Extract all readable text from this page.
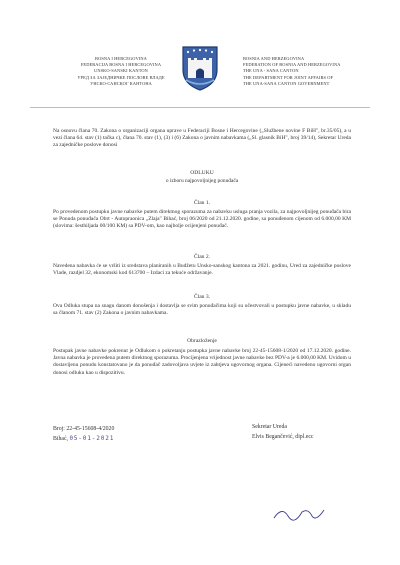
BOSNA I HERCEGOVINA
FEDERACIJA BOSNA I HERCEGOVINA
UNSKO-SANSKI KANTON
УРЕД ЗА ЗАЈЕДНИЧКЕ ПОСЛОВЕ ВЛАДЕ
УНСКО-САНСКОГ КАНТОНА
BOSNIA AND HERZEGOVINA
FEDERATION OF BOSNIA AND HERZEGOVINA
THE UNA - SANA CANTON
THE DEPARTMENT FOR JOINT AFFAIRS OF
THE UNA-SANA CANTON GOVERNMENT

Na osnovu člana 70. Zakona o organizaciji organa uprave u Federaciji Bosne i Hercegovine („Službene novine F BiH", br.35/05), a u vezi člana 64. stav (1) tačka c), člana 70. stav (1), (3) i (6) Zakona o javnim nabavkama („Sl. glasnik BiH", broj 39/14), Sekretar Ureda za zajedničke poslove donosi

ODLUKU
o izboru najpovoljnijeg ponuđača
Član 1.

Po provedenom postupku javne nabavke putem direktnog sporazuma za nabavku usluga pranja vozila, za najpovoljnijeg ponuđača bira se Ponuda ponuđača Obrt - Autopraonica „Zlaja" Bihać, broj 06/2020 od 21.12.2020. godine, sa ponuđenom cijenom od 6.000,00 KM (slovima: šesthiljada 00/100 KM) sa PDV-om, kao najbolje ocijenjeni ponuđač.

Član 2.

Navedena nabavka će se vršiti iz sredstava planiranih u Budžetu Unsko-sanskog kantona za 2021. godinu, Ured za zajedničke poslove Vlade, razdjel 32, ekonomski kod 613700 – Izdaci za tekuće održavanje.

Član 3.

Ova Odluka stupa na snagu danom donošenja i dostavlja se svim ponuđačima koji su učestvovali u postupku javne nabavke, u skladu sa članom 71. stav (2) Zakona o javnim nabavkama.

Obrazloženje

Postupak javne nabavke pokrenut je Odlukom o pokretanju postupka javne nabavke broj 22-45-15608-1/2020 od 17.12.2020. godine. Javna nabavka je provedena putem direktnog sporazuma. Procijenjena vrijednost javne nabavke bez PDV-a je 6.000,00 KM. Uvidom u dostavljenu ponudu konstatovano je da ponuđač zadovoljava uvjete iz zahtjeva ugovornog organa. Cijeneći navedeno ugovorni organ donosi odluku kao u dispozitivu.

Broj: 22-45-15608-4/2020
Bihać, 05-01-2021
Sekretar Ureda
Elvis Begančević, dipl.ecc
